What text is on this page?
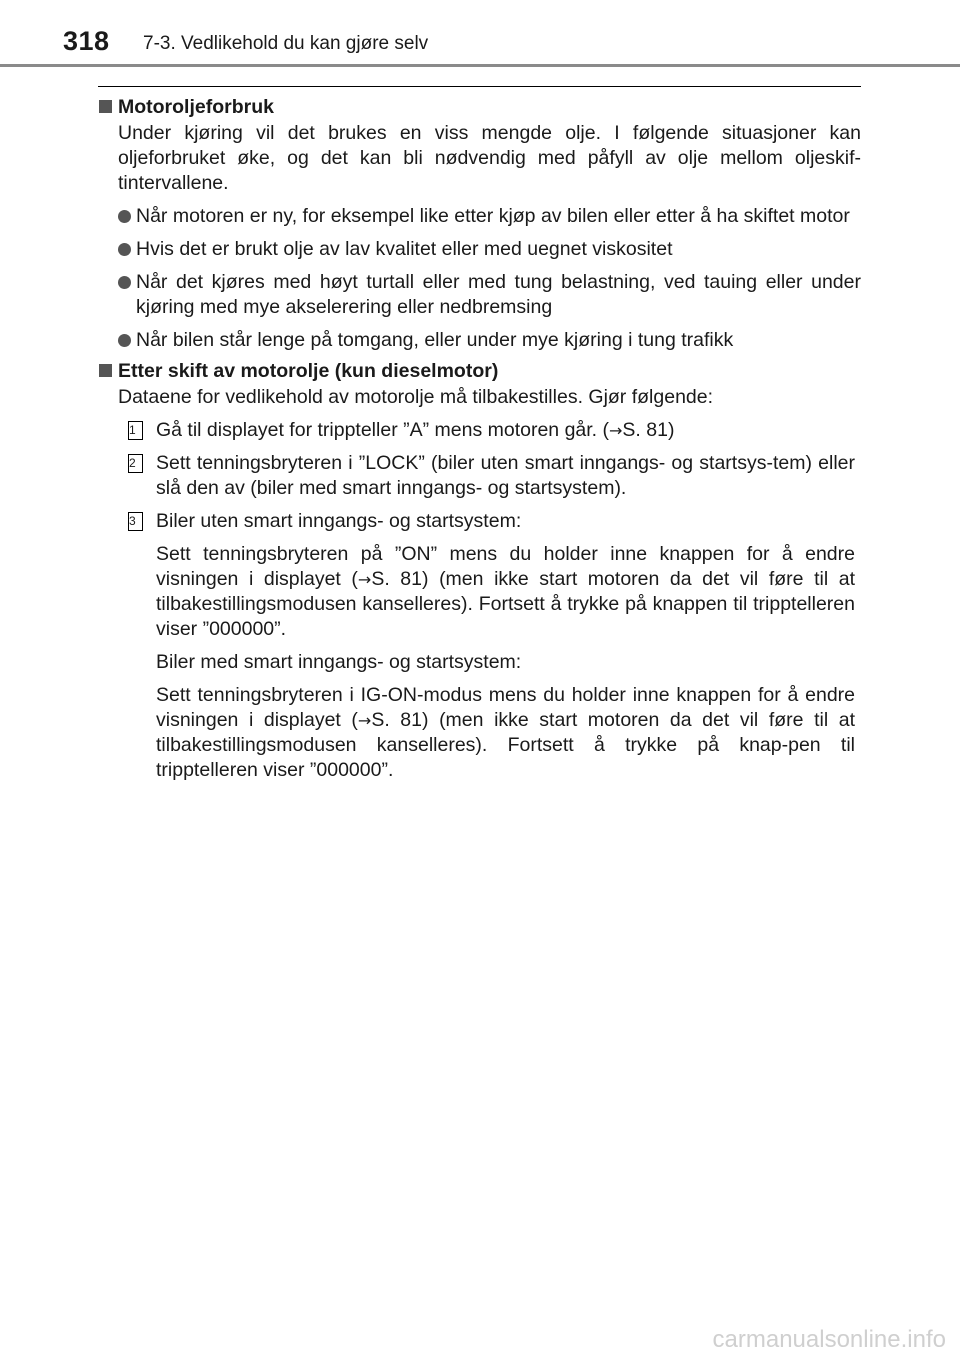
318 7-3. Vedlikehold du kan gjøre selv
Motoroljeforbruk
Under kjøring vil det brukes en viss mengde olje. I følgende situasjoner kan oljeforbruket øke, og det kan bli nødvendig med påfyll av olje mellom oljeskif-tintervallene.
Når motoren er ny, for eksempel like etter kjøp av bilen eller etter å ha skiftet motor
Hvis det er brukt olje av lav kvalitet eller med uegnet viskositet
Når det kjøres med høyt turtall eller med tung belastning, ved tauing eller under kjøring med mye akselerering eller nedbremsing
Når bilen står lenge på tomgang, eller under mye kjøring i tung trafikk
Etter skift av motorolje (kun dieselmotor)
Dataene for vedlikehold av motorolje må tilbakestilles. Gjør følgende:
1	Gå til displayet for trippteller ”A” mens motoren går. (→S. 81)
2	Sett tenningsbryteren i ”LOCK” (biler uten smart inngangs- og startsys-tem) eller slå den av (biler med smart inngangs- og startsystem).
3	Biler uten smart inngangs- og startsystem:
Sett tenningsbryteren på ”ON” mens du holder inne knappen for å endre visningen i displayet (→S. 81) (men ikke start motoren da det vil føre til at tilbakestillingsmodusen kanselleres). Fortsett å trykke på knappen til tripptelleren viser ”000000”.
Biler med smart inngangs- og startsystem:
Sett tenningsbryteren i IG-ON-modus mens du holder inne knappen for å endre visningen i displayet (→S. 81) (men ikke start motoren da det vil føre til at tilbakestillingsmodusen kanselleres). Fortsett å trykke på knap-pen til tripptelleren viser ”000000”.
carmanualsonline.info
